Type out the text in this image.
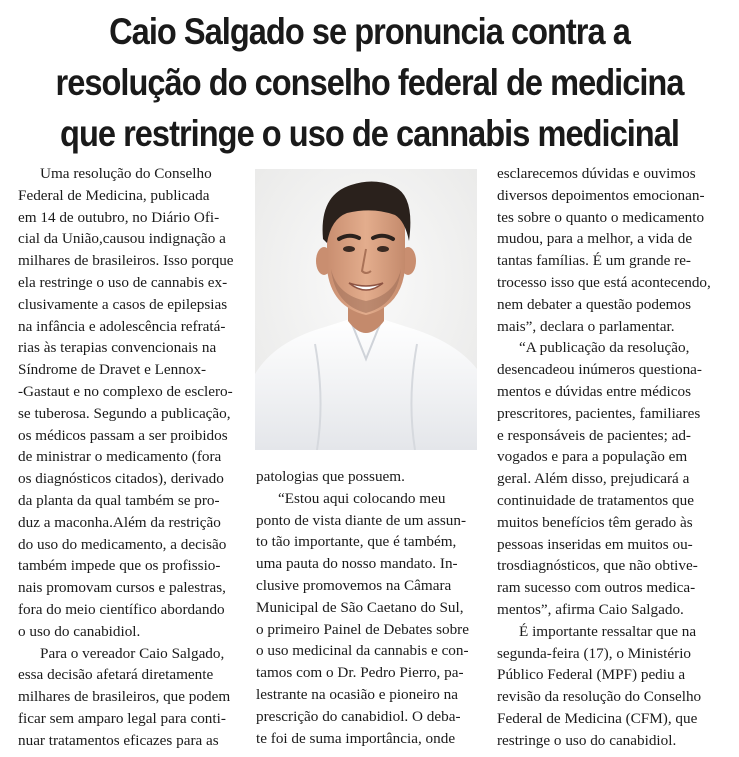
Caio Salgado se pronuncia contra a
resolução do conselho federal de medicina
que restringe o uso de cannabis medicinal
Uma resolução do Conselho
Federal de Medicina, publicada
em 14 de outubro, no Diário Ofi-
cial da União,causou indignação a
milhares de brasileiros. Isso porque
ela restringe o uso de cannabis ex-
clusivamente a casos de epilepsias
na infância e adolescência refratá-
rias às terapias convencionais na
Síndrome de Dravet e Lennox-
-Gastaut e no complexo de esclero-
se tuberosa. Segundo a publicação,
os médicos passam a ser proibidos
de ministrar o medicamento (fora
os diagnósticos citados), derivado
da planta da qual também se pro-
duz a maconha.Além da restrição
do uso do medicamento, a decisão
também impede que os profissio-
nais promovam cursos e palestras,
fora do meio científico abordando
o uso do canabidiol.
Para o vereador Caio Salgado,
essa decisão afetará diretamente
milhares de brasileiros, que podem
ficar sem amparo legal para conti-
nuar tratamentos eficazes para as
patologias que possuem.
“Estou aqui colocando meu
ponto de vista diante de um assun-
to tão importante, que é também,
uma pauta do nosso mandato. In-
clusive promovemos na Câmara
Municipal de São Caetano do Sul,
o primeiro Painel de Debates sobre
o uso medicinal da cannabis e con-
tamos com o Dr. Pedro Pierro, pa-
lestrante na ocasião e pioneiro na
prescrição do canabidiol. O deba-
te foi de suma importância, onde
esclarecemos dúvidas e ouvimos
diversos depoimentos emocionan-
tes sobre o quanto o medicamento
mudou, para a melhor, a vida de
tantas famílias. É um grande re-
trocesso isso que está acontecendo,
nem debater a questão podemos
mais”, declara o parlamentar.
“A publicação da resolução,
desencadeou inúmeros questiona-
mentos e dúvidas entre médicos
prescritores, pacientes, familiares
e responsáveis de pacientes; ad-
vogados e para a população em
geral. Além disso, prejudicará a
continuidade de tratamentos que
muitos benefícios têm gerado às
pessoas inseridas em muitos ou-
trosdiagnósticos, que não obtive-
ram sucesso com outros medica-
mentos”, afirma Caio Salgado.
É importante ressaltar que na
segunda-feira (17), o Ministério
Público Federal (MPF) pediu a
revisão da resolução do Conselho
Federal de Medicina (CFM), que
restringe o uso do canabidiol.
